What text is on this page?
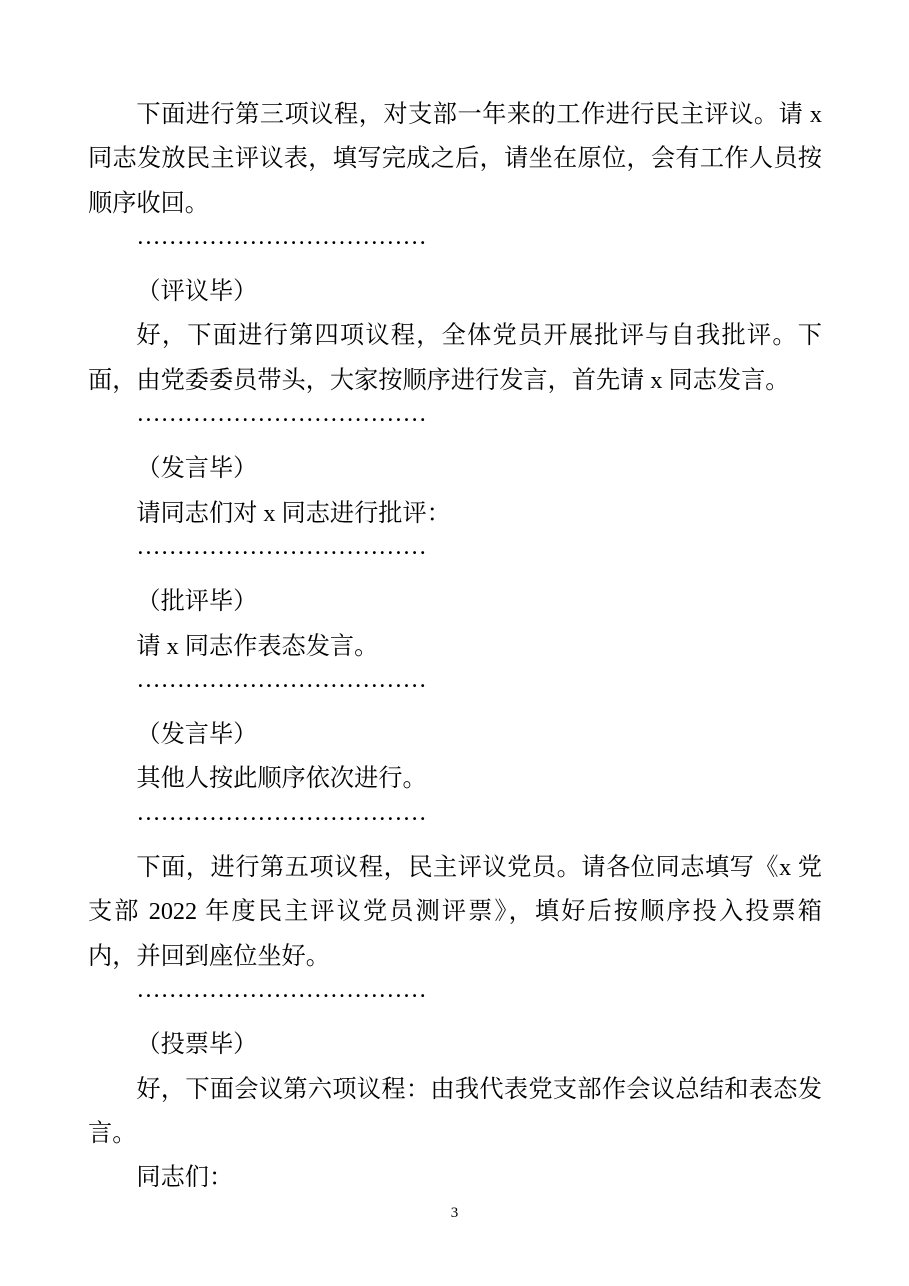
下面进行第三项议程，对支部一年来的工作进行民主评议。请 x
同志发放民主评议表，填写完成之后，请坐在原位，会有工作人员按
顺序收回。
………………………………
（评议毕）
好，下面进行第四项议程，全体党员开展批评与自我批评。下
面，由党委委员带头，大家按顺序进行发言，首先请 x 同志发言。
………………………………
（发言毕）
请同志们对 x 同志进行批评：
………………………………
（批评毕）
请 x 同志作表态发言。
………………………………
（发言毕）
其他人按此顺序依次进行。
………………………………
下面，进行第五项议程，民主评议党员。请各位同志填写《x 党
支部 2022 年度民主评议党员测评票》，填好后按顺序投入投票箱
内，并回到座位坐好。
………………………………
（投票毕）
好，下面会议第六项议程：由我代表党支部作会议总结和表态发
言。
同志们：
3
